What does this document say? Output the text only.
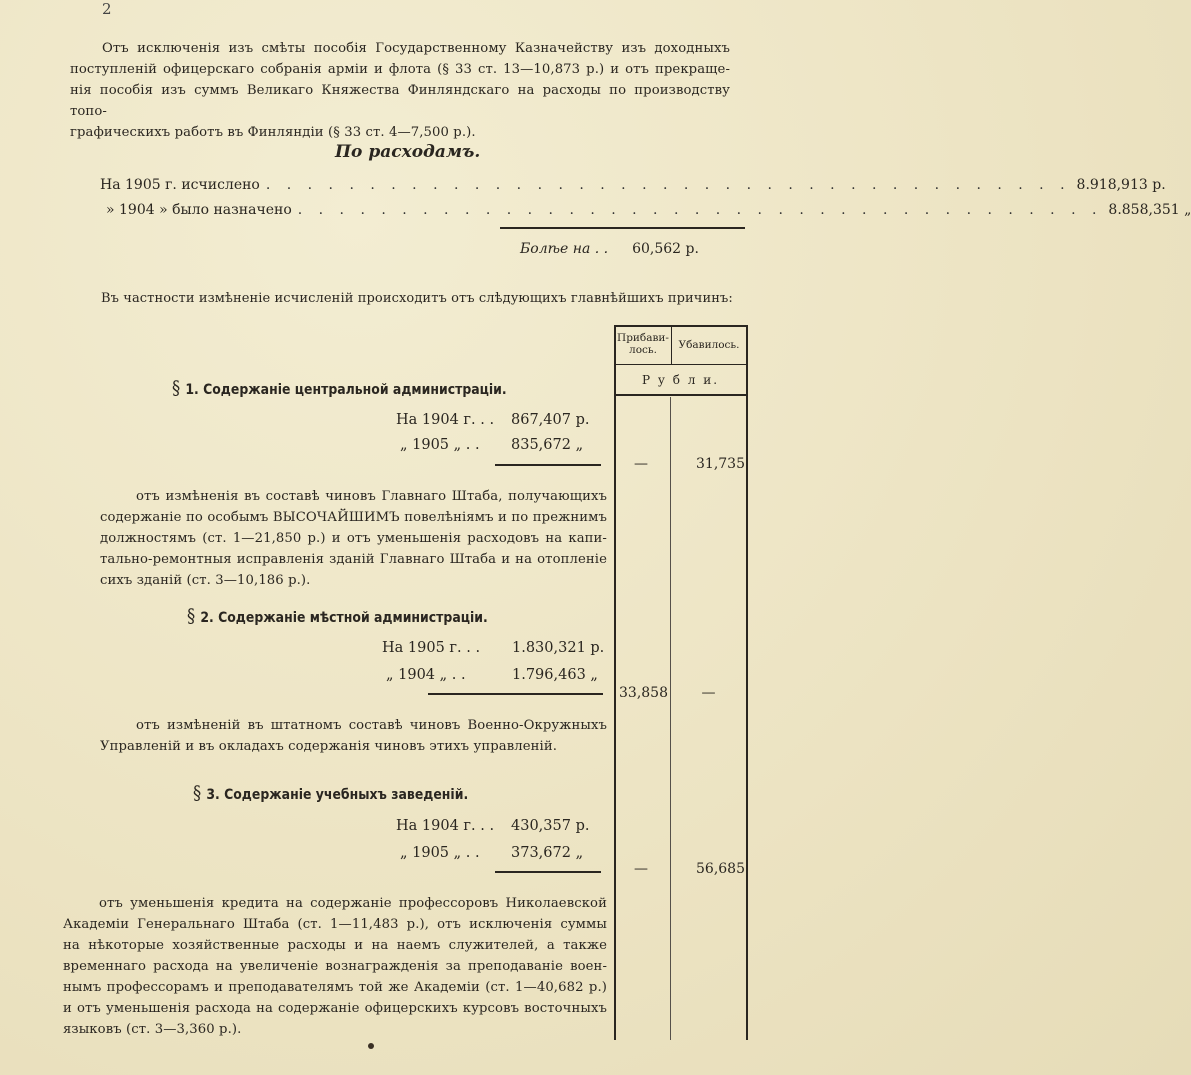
2
Отъ исключенія изъ смѣты пособія Государственному Казначейству изъ доходныхъ
поступленій офицерскаго собранія арміи и флота (§ 33 ст. 13—10,873 р.) и отъ прекраще-
нія пособія изъ суммъ Великаго Княжества Финляндскаго на расходы по производству топо-
графическихъ работъ въ Финляндіи (§ 33 ст. 4—7,500 р.).
По расходамъ.
На 1905 г. исчислено . . . . . . . . . . . . . . . . . . . . . . . . . . . . . . . . . . . . . . . 8.918,913 р.
» 1904 » было назначено . . . . . . . . . . . . . . . . . . . . . . . . . . . . . . . . . . . . . . . 8.858,351 „
Болѣе на . . 60,562 р.
Въ частности измѣненіе исчисленій происходитъ отъ слѣдующихъ главнѣйшихъ причинъ:
Прибави-
лось.	Убавилось.
Р у б л и.
§ 1. Содержаніе центральной администраціи.
На 1904 г. . . 867,407 р.
„ 1905 „ . . 835,672 „
—	31,735
отъ измѣненія въ составѣ чиновъ Главнаго Штаба, получающихъ
содержаніе по особымъ ВЫСОЧАЙШИМЪ повелѣніямъ и по прежнимъ
должностямъ (ст. 1—21,850 р.) и отъ уменьшенія расходовъ на капи-
тально-ремонтныя исправленія зданій Главнаго Штаба и на отопленіе
сихъ зданій (ст. 3—10,186 р.).
§ 2. Содержаніе мѣстной администраціи.
На 1905 г. . . 1.830,321 р.
„ 1904 „ . .	1.796,463 „
33,858	—
отъ измѣненій въ штатномъ составѣ чиновъ Военно-Окружныхъ
Управленій и въ окладахъ содержанія чиновъ этихъ управленій.
§ 3. Содержаніе учебныхъ заведеній.
На 1904 г. . . 430,357 р.
„ 1905 „ . . 373,672 „
—	56,685
отъ уменьшенія кредита на содержаніе профессоровъ Николаевской
Академіи Генеральнаго Штаба (ст. 1—11,483 р.), отъ исключенія суммы
на нѣкоторые хозяйственные расходы и на наемъ служителей, а также
временнаго расхода на увеличеніе вознагражденія за преподаваніе воен-
нымъ профессорамъ и преподавателямъ той же Академіи (ст. 1—40,682 р.)
и отъ уменьшенія расхода на содержаніе офицерскихъ курсовъ восточныхъ
языковъ (ст. 3—3,360 р.).
